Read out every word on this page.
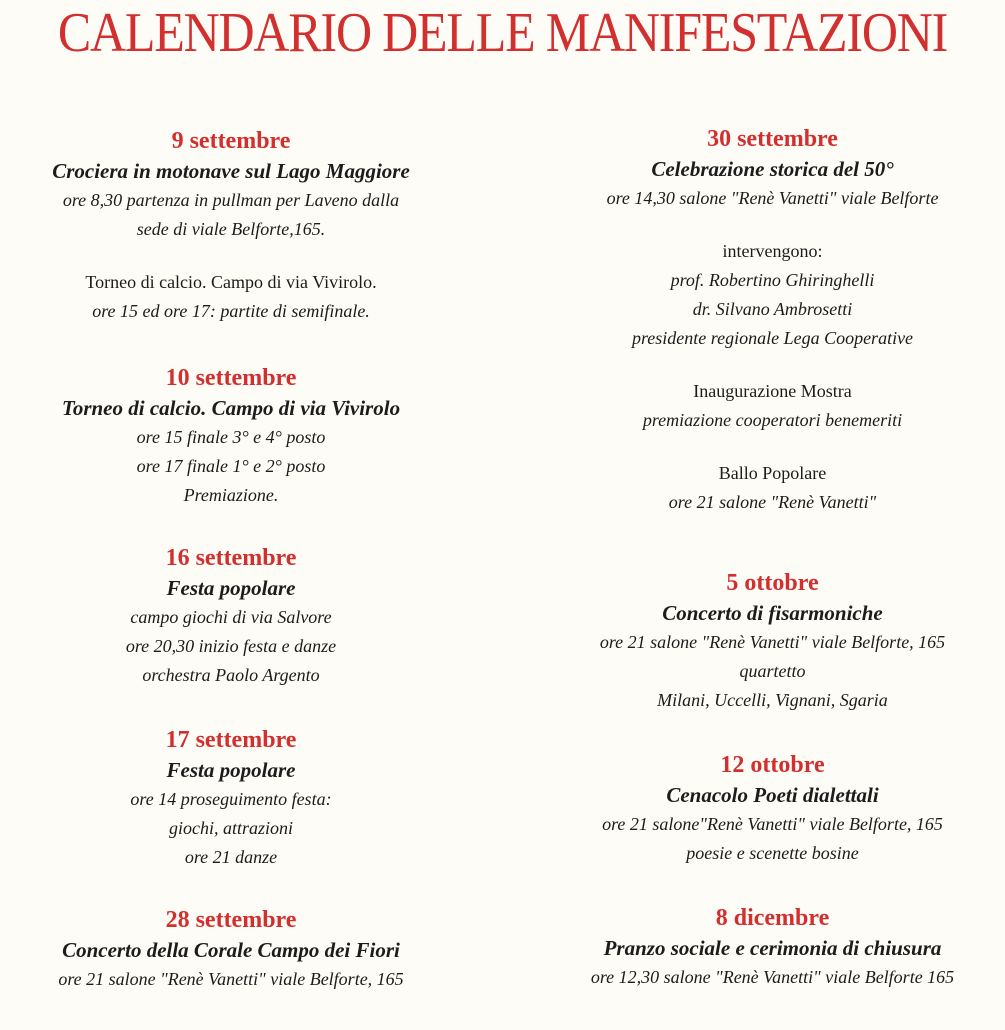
CALENDARIO DELLE MANIFESTAZIONI
9 settembre
Crociera in motonave sul Lago Maggiore
ore 8,30 partenza in pullman per Laveno dalla
sede di viale Belforte,165.
Torneo di calcio. Campo di via Vivirolo.
ore 15 ed ore 17: partite di semifinale.
10 settembre
Torneo di calcio. Campo di via Vivirolo
ore 15 finale 3° e 4° posto
ore 17 finale 1° e 2° posto
Premiazione.
16 settembre
Festa popolare
campo giochi di via Salvore
ore 20,30 inizio festa e danze
orchestra Paolo Argento
17 settembre
Festa popolare
ore 14 proseguimento festa:
giochi, attrazioni
ore 21 danze
28 settembre
Concerto della Corale Campo dei Fiori
ore 21 salone "Renè Vanetti" viale Belforte, 165
30 settembre
Celebrazione storica del 50°
ore 14,30 salone "Renè Vanetti" viale Belforte
intervengono:
prof. Robertino Ghiringhelli
dr. Silvano Ambrosetti
presidente regionale Lega Cooperative
Inaugurazione Mostra
premiazione cooperatori benemeriti
Ballo Popolare
ore 21 salone "Renè Vanetti"
5 ottobre
Concerto di fisarmoniche
ore 21 salone "Renè Vanetti" viale Belforte, 165
quartetto
Milani, Uccelli, Vignani, Sgaria
12 ottobre
Cenacolo Poeti dialettali
ore 21 salone"Renè Vanetti" viale Belforte, 165
poesie e scenette bosine
8 dicembre
Pranzo sociale e cerimonia di chiusura
ore 12,30 salone "Renè Vanetti" viale Belforte 165
